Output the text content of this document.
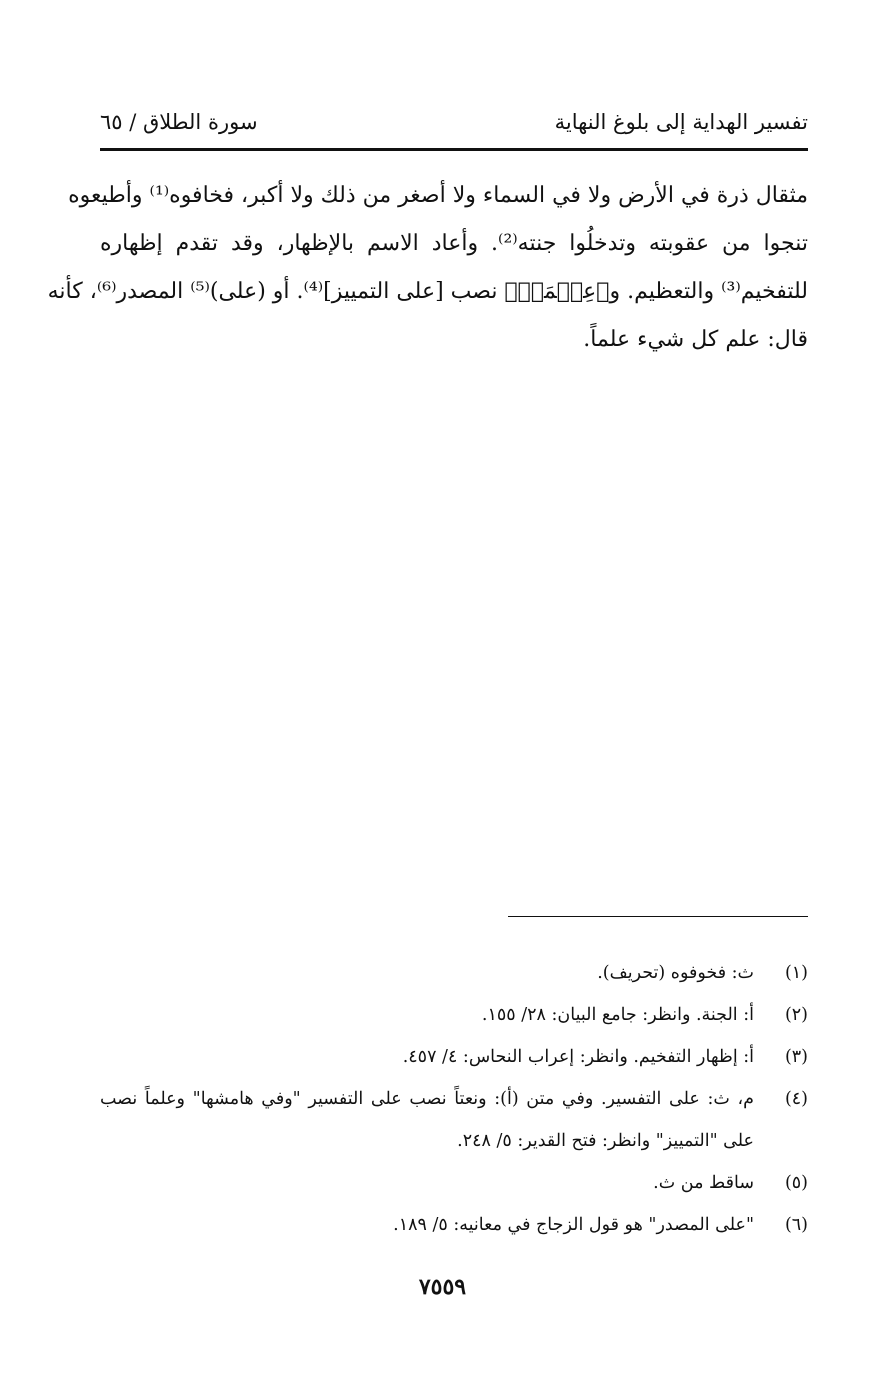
تفسير الهداية إلى بلوغ النهاية
سورة الطلاق / ٦٥
مثقال ذرة في الأرض ولا في السماء ولا أصغر من ذلك ولا أكبر، فخافوه⁽¹⁾ وأطيعوه
تنجوا من عقوبته وتدخلُوا جنته⁽²⁾. وأعاد الاسم بالإظهار، وقد تقدم إظهاره
للتفخيم⁽³⁾ والتعظيم. و﴿عِلۡمَاۢ﴾ نصب [على التمييز]⁽⁴⁾. أو (على)⁽⁵⁾ المصدر⁽⁶⁾، كأنه
قال: علم كل شيء علماً.
(١)
ث: فخوفوه (تحريف).
(٢)
أ: الجنة. وانظر: جامع البيان: ٢٨/ ١٥٥.
(٣)
أ: إظهار التفخيم. وانظر: إعراب النحاس: ٤/ ٤٥٧.
(٤)
م، ث: على التفسير. وفي متن (أ): ونعتاً نصب على التفسير "وفي هامشها" وعلماً نصب على "التمييز" وانظر: فتح القدير: ٥/ ٢٤٨.
(٥)
ساقط من ث.
(٦)
"على المصدر" هو قول الزجاج في معانيه: ٥/ ١٨٩.
٧٥٥٩
